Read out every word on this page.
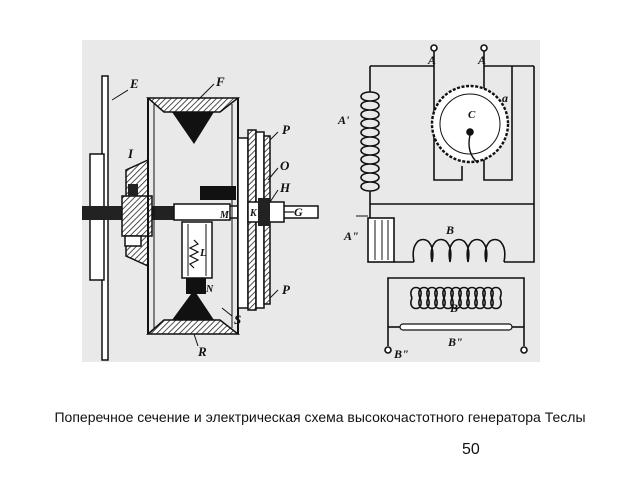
E	F
I
P
O
H
G
M K
L
N	P
S
R
A	A
A'
a
C
A"	B
B'
B"
B"
Поперечное сечение и электрическая схема высокочастотного генератора Теслы
50
